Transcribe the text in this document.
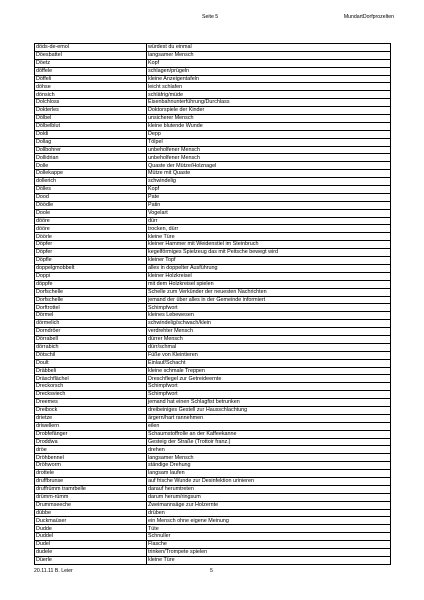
Seite 5	MundartDorfprozelten
döds-de-emol	würdest du einmal
Döesbattel	langsamer Mensch
Döetz	Kopf
döffele	schlagen/prügeln
Döffeli	kleine Anzeigentafeln
döhse	leicht schlafen
dönsich	schläfrig/müde
Dolchloss	Eisenbahnunterführung/Durchlass
Dokterles	Doktorspiele der Kinder
Dölbel	unsicherer Mensch
Dölbelblut	kleine blutende Wunde
Doldi	Depp
Dollag	Tölpel
Dollbohrer	unbeholfener Mensch
Dollidrian	unbeholfener Mensch
Dolle	Quaste der Mütze/Holznagel
Dollekappe	Mütze mit Quaste
dollerich	schwindelig
Dölles	Kopf
Dood	Pate
Döödle	Patin
Doole	Vogelart
dööre	dürr
dööre	trocken, dürr
Döörle	kleine Türe
Döpfer	kleiner Hammer mit Weidenstiel im Steinbruch
Döpfer	kegelförmiges Spielzeug das mit Peitsche bewegt wird
Döpfle	kleiner Topf
doppelgmobbelt	alles in doppelter Ausführung
Doppi	kleiner Holzkreisel
döppfe	mit dem Holzkreisel spielen
Dorfschelle	Schelle zum Verkünder der neuesten Nachrichten
Dorfschelle	jemand der über alles in der Gemeinde informiert
Dorftrottel	Schimpfwort
Dörmel	kleines Lebewesen
dörmelich	schwindelig/schwach/klein
Dorndröer	verdrehter Mensch
Dörrabell	dürrer Mensch
dörrabich	dürr/schmal
Dötschil	Füße von Kleintieren
Doult	Einlauf/Schacht
Dräbbeli	kleine schmale Treppen
Dräschflächel	Dreschflegel zur Getreideernte
Dreckorsch	Schimpfwort
Drecksviech	Schimpfwort
Dreemes	jemand hat einen Schlagfist betrunken
Dreibock	dreibeiniges Gestell zur Hausschlachtung
drietze	ärgern/hart rannehmen
driwellern	eilen
Drobfefänger	Schaumstoffrolle an der Kaffeekanne
Droddwa	Gesteig der Straße (Trottoir franz.)
dröe	drehen
Dröhbennel	langsamer Mensch
Dröhworm	ständige Drehung
drottele	langsam laufen
druffbrunse	auf frische Wunde zur Desinfektion urinieren
druffrümm tramrbelle	darauf herumtreten
drümm-rümm	darum herum/ringsum
Drummseeche	Zweimannsäge zur Holzernte
dübbe	drüben
Duckmaüser	ein Mensch ohne eigene Meinung
Dudde	Tüte
Duddel	Schnuller
Dudel	Flasche
dudele	trinken/Trompete spielen
Düerle	kleine Türe
20.11.11 B. Leier	5
